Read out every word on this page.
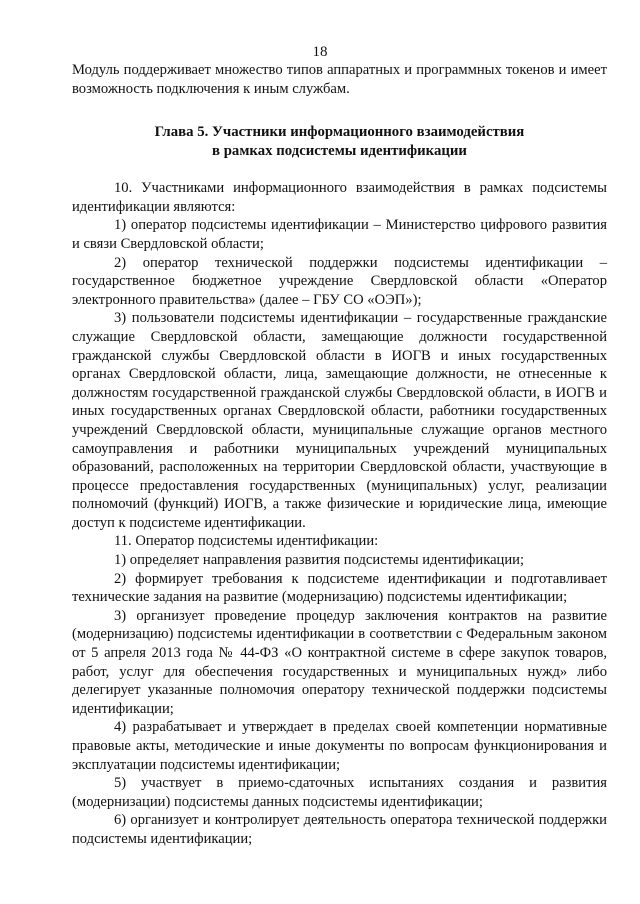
18

Модуль поддерживает множество типов аппаратных и программных токенов и имеет возможность подключения к иным службам.

Глава 5. Участники информационного взаимодействия
в рамках подсистемы идентификации

10. Участниками информационного взаимодействия в рамках подсистемы идентификации являются:

1) оператор подсистемы идентификации – Министерство цифрового развития и связи Свердловской области;

2) оператор технической поддержки подсистемы идентификации – государственное бюджетное учреждение Свердловской области «Оператор электронного правительства» (далее – ГБУ СО «ОЭП»);

3) пользователи подсистемы идентификации – государственные гражданские служащие Свердловской области, замещающие должности государственной гражданской службы Свердловской области в ИОГВ и иных государственных органах Свердловской области, лица, замещающие должности, не отнесенные к должностям государственной гражданской службы Свердловской области, в ИОГВ и иных государственных органах Свердловской области, работники государственных учреждений Свердловской области, муниципальные служащие органов местного самоуправления и работники муниципальных учреждений муниципальных образований, расположенных на территории Свердловской области, участвующие в процессе предоставления государственных (муниципальных) услуг, реализации полномочий (функций) ИОГВ, а также физические и юридические лица, имеющие доступ к подсистеме идентификации.

11. Оператор подсистемы идентификации:

1) определяет направления развития подсистемы идентификации;

2) формирует требования к подсистеме идентификации и подготавливает технические задания на развитие (модернизацию) подсистемы идентификации;

3) организует проведение процедур заключения контрактов на развитие (модернизацию) подсистемы идентификации в соответствии с Федеральным законом от 5 апреля 2013 года № 44-ФЗ «О контрактной системе в сфере закупок товаров, работ, услуг для обеспечения государственных и муниципальных нужд» либо делегирует указанные полномочия оператору технической поддержки подсистемы идентификации;

4) разрабатывает и утверждает в пределах своей компетенции нормативные правовые акты, методические и иные документы по вопросам функционирования и эксплуатации подсистемы идентификации;

5) участвует в приемо-сдаточных испытаниях создания и развития (модернизации) подсистемы данных подсистемы идентификации;

6) организует и контролирует деятельность оператора технической поддержки подсистемы идентификации;
